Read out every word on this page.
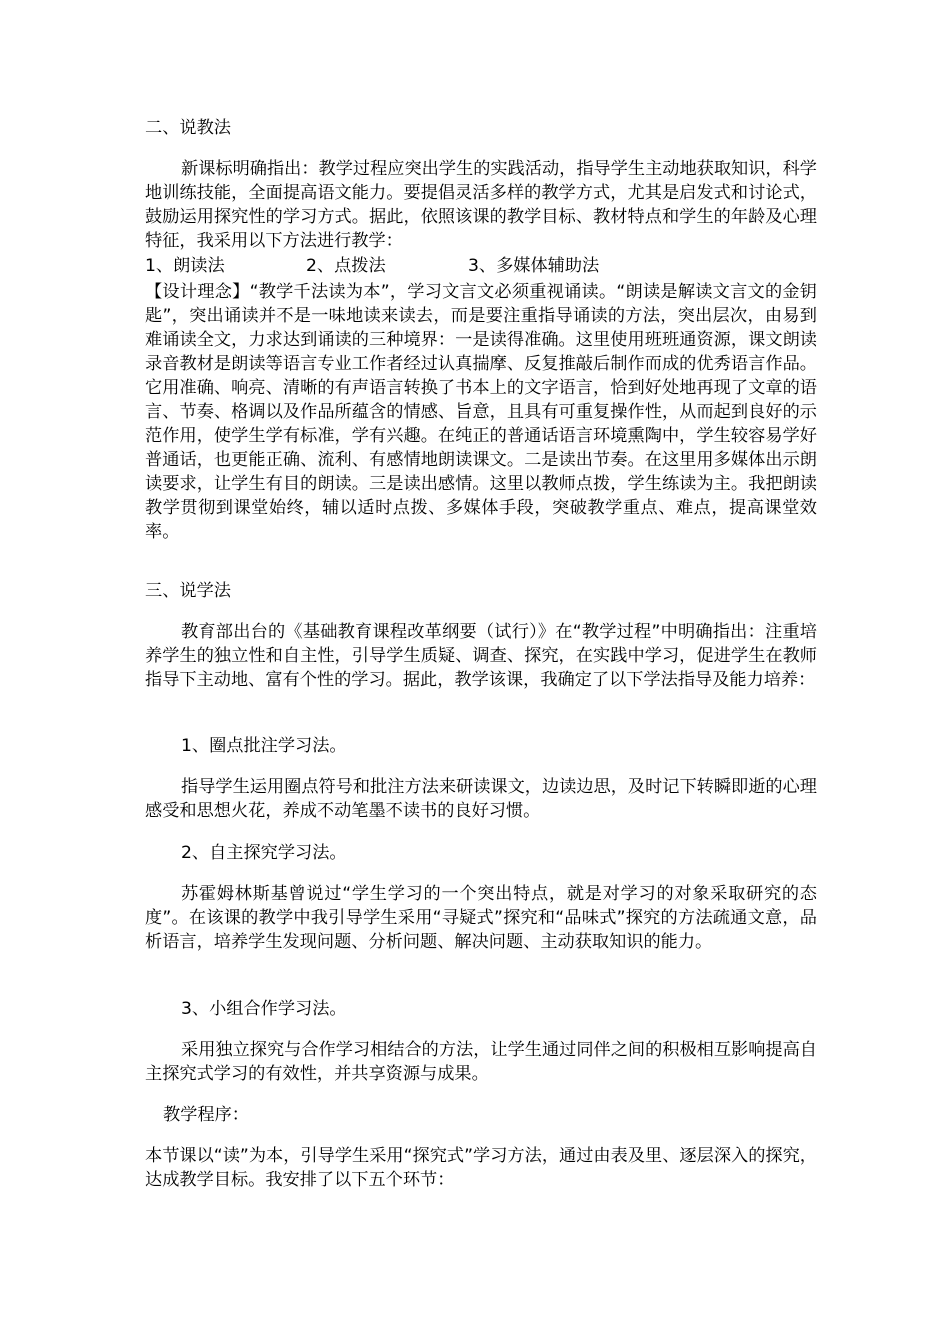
二、说教法

新课标明确指出：教学过程应突出学生的实践活动，指导学生主动地获取知识，科学地训练技能，全面提高语文能力。要提倡灵活多样的教学方式，尤其是启发式和讨论式，鼓励运用探究性的学习方式。据此，依照该课的教学目标、教材特点和学生的年龄及心理特征，我采用以下方法进行教学：

1、朗读法	2、点拨法	3、多媒体辅助法

【设计理念】“教学千法读为本”，学习文言文必须重视诵读。“朗读是解读文言文的金钥匙”，突出诵读并不是一味地读来读去，而是要注重指导诵读的方法，突出层次，由易到难诵读全文，力求达到诵读的三种境界：一是读得准确。这里使用班班通资源，课文朗读录音教材是朗读等语言专业工作者经过认真揣摩、反复推敲后制作而成的优秀语言作品。它用准确、响亮、清晰的有声语言转换了书本上的文字语言，恰到好处地再现了文章的语言、节奏、格调以及作品所蕴含的情感、旨意，且具有可重复操作性，从而起到良好的示范作用，使学生学有标准，学有兴趣。在纯正的普通话语言环境熏陶中，学生较容易学好普通话，也更能正确、流利、有感情地朗读课文。二是读出节奏。在这里用多媒体出示朗读要求，让学生有目的朗读。三是读出感情。这里以教师点拨，学生练读为主。我把朗读教学贯彻到课堂始终，辅以适时点拨、多媒体手段，突破教学重点、难点，提高课堂效率。

三、说学法

教育部出台的《基础教育课程改革纲要（试行）》在“教学过程”中明确指出：注重培养学生的独立性和自主性，引导学生质疑、调查、探究，在实践中学习，促进学生在教师指导下主动地、富有个性的学习。据此，教学该课，我确定了以下学法指导及能力培养：

1、圈点批注学习法。

指导学生运用圈点符号和批注方法来研读课文，边读边思，及时记下转瞬即逝的心理感受和思想火花，养成不动笔墨不读书的良好习惯。

2、自主探究学习法。

苏霍姆林斯基曾说过“学生学习的一个突出特点，就是对学习的对象采取研究的态度”。在该课的教学中我引导学生采用“寻疑式”探究和“品味式”探究的方法疏通文意，品析语言，培养学生发现问题、分析问题、解决问题、主动获取知识的能力。

3、小组合作学习法。

采用独立探究与合作学习相结合的方法，让学生通过同伴之间的积极相互影响提高自主探究式学习的有效性，并共享资源与成果。

教学程序：

本节课以“读”为本，引导学生采用“探究式”学习方法，通过由表及里、逐层深入的探究，达成教学目标。我安排了以下五个环节：
